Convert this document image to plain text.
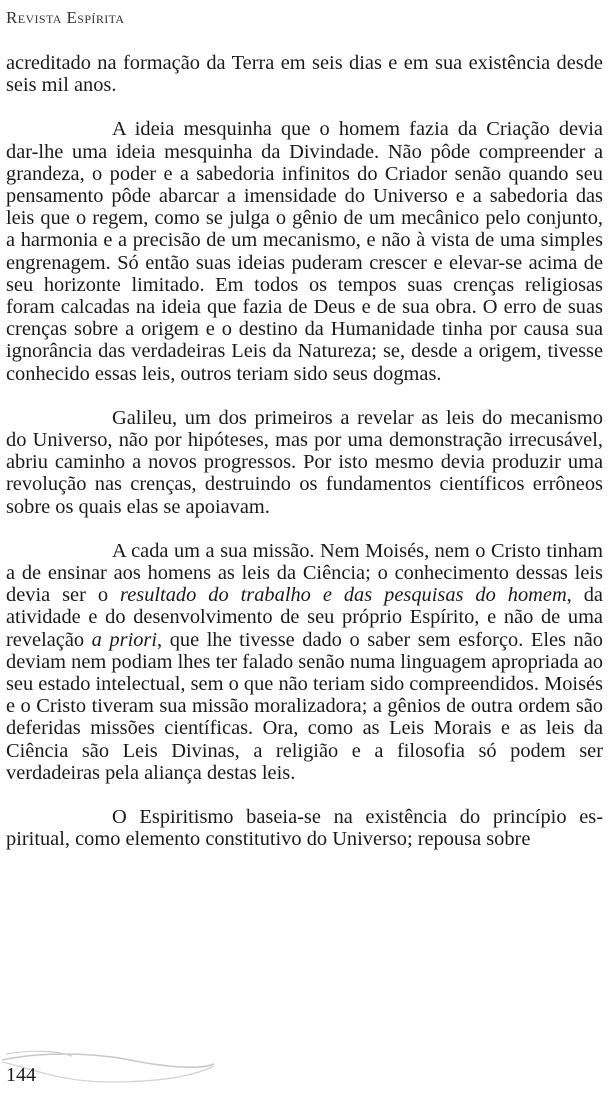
Revista Espírita

acreditado na formação da Terra em seis dias e em sua existência desde seis mil anos.

A ideia mesquinha que o homem fazia da Criação devia dar-lhe uma ideia mesquinha da Divindade. Não pôde compreender a grandeza, o poder e a sabedoria infinitos do Criador senão quando seu pensamento pôde abarcar a imensidade do Universo e a sabedoria das leis que o regem, como se julga o gênio de um mecânico pelo conjunto, a harmonia e a precisão de um mecanismo, e não à vista de uma simples engrenagem. Só então suas ideias puderam crescer e elevar-se acima de seu horizonte limitado. Em todos os tempos suas crenças religiosas foram calcadas na ideia que fazia de Deus e de sua obra. O erro de suas crenças sobre a origem e o destino da Humanidade tinha por causa sua ignorância das verdadeiras Leis da Natureza; se, desde a origem, tivesse conhecido essas leis, outros teriam sido seus dogmas.

Galileu, um dos primeiros a revelar as leis do mecanismo do Universo, não por hipóteses, mas por uma demonstração irrecusável, abriu caminho a novos progressos. Por isto mesmo devia produzir uma revolução nas crenças, destruindo os fundamentos científicos errôneos sobre os quais elas se apoiavam.

A cada um a sua missão. Nem Moisés, nem o Cristo tinham a de ensinar aos homens as leis da Ciência; o conhecimento dessas leis devia ser o resultado do trabalho e das pesquisas do homem, da atividade e do desenvolvimento de seu próprio Espírito, e não de uma revelação a priori, que lhe tivesse dado o saber sem esforço. Eles não deviam nem podiam lhes ter falado senão numa linguagem apropriada ao seu estado intelectual, sem o que não teriam sido compreendidos. Moisés e o Cristo tiveram sua missão moralizadora; a gênios de outra ordem são deferidas missões científicas. Ora, como as Leis Morais e as leis da Ciência são Leis Divinas, a religião e a filosofia só podem ser verdadeiras pela aliança destas leis.

O Espiritismo baseia-se na existência do princípio espiritual, como elemento constitutivo do Universo; repousa sobre

144
